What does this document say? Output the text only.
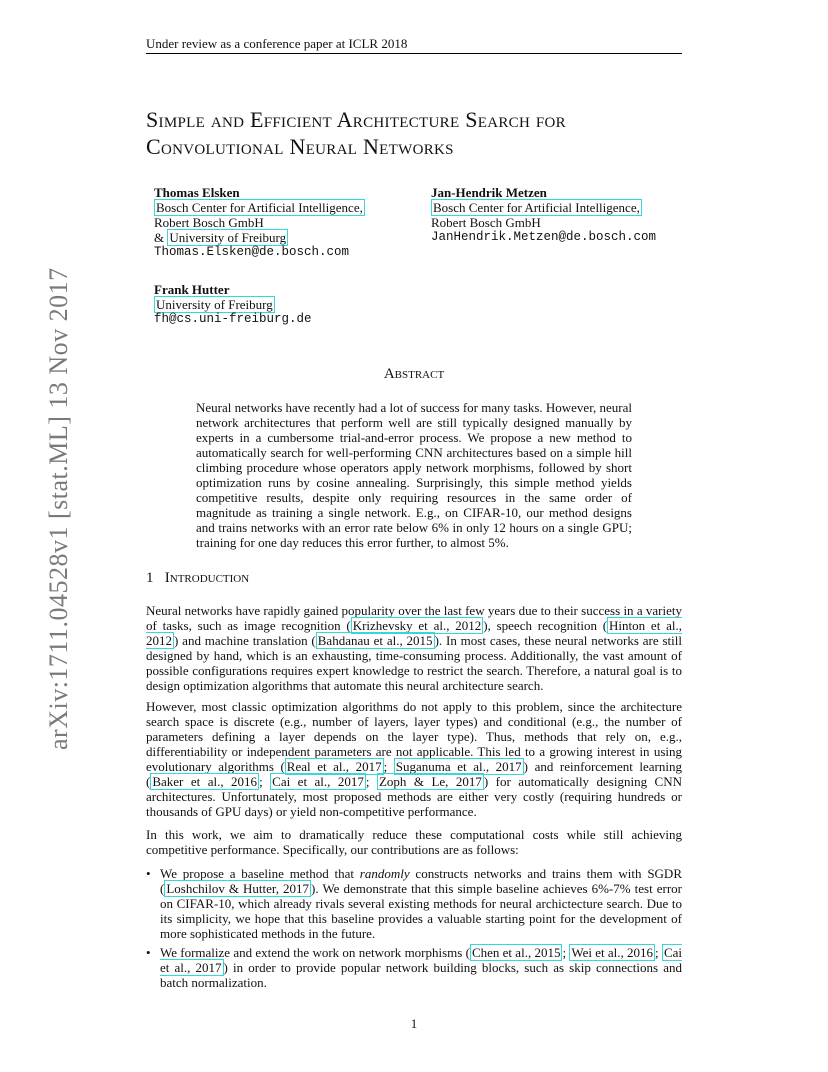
Under review as a conference paper at ICLR 2018
Simple and Efficient Architecture Search for
Convolutional Neural Networks
Thomas Elsken
Bosch Center for Artificial Intelligence,
Robert Bosch GmbH
& University of Freiburg
Thomas.Elsken@de.bosch.com
Jan-Hendrik Metzen
Bosch Center for Artificial Intelligence,
Robert Bosch GmbH
JanHendrik.Metzen@de.bosch.com
Frank Hutter
University of Freiburg
fh@cs.uni-freiburg.de
arXiv:1711.04528v1 [stat.ML] 13 Nov 2017	Abstract
Neural networks have recently had a lot of success for many tasks. However, neural network architectures that perform well are still typically designed manually by experts in a cumbersome trial-and-error process. We propose a new method to automatically search for well-performing CNN architectures based on a simple hill climbing procedure whose operators apply network morphisms, followed by short optimization runs by cosine annealing. Surprisingly, this simple method yields competitive results, despite only requiring resources in the same order of magnitude as training a single network. E.g., on CIFAR-10, our method designs and trains networks with an error rate below 6% in only 12 hours on a single GPU; training for one day reduces this error further, to almost 5%.
1 Introduction
Neural networks have rapidly gained popularity over the last few years due to their success in a variety of tasks, such as image recognition ( Krizhevsky et al., 2012 ), speech recognition ( Hinton et al., 2012 ) and machine translation ( Bahdanau et al., 2015 ). In most cases, these neural networks are still designed by hand, which is an exhausting, time-consuming process. Additionally, the vast amount of possible configurations requires expert knowledge to restrict the search. Therefore, a natural goal is to design optimization algorithms that automate this neural architecture search.
However, most classic optimization algorithms do not apply to this problem, since the architecture search space is discrete (e.g., number of layers, layer types) and conditional (e.g., the number of parameters defining a layer depends on the layer type). Thus, methods that rely on, e.g., differentiability or independent parameters are not applicable. This led to a growing interest in using evolutionary algorithms ( Real et al., 2017 ; Suganuma et al., 2017 ) and reinforcement learning ( Baker et al., 2016 ; Cai et al., 2017 ; Zoph & Le, 2017 ) for automatically designing CNN architectures. Unfortunately, most proposed methods are either very costly (requiring hundreds or thousands of GPU days) or yield non-competitive performance.
In this work, we aim to dramatically reduce these computational costs while still achieving competitive performance. Specifically, our contributions are as follows:
• We propose a baseline method that randomly constructs networks and trains them with SGDR ( Loshchilov & Hutter, 2017 ). We demonstrate that this simple baseline achieves 6%-7% test error on CIFAR-10, which already rivals several existing methods for neural archictecture search. Due to its simplicity, we hope that this baseline provides a valuable starting point for the development of more sophisticated methods in the future.
• We formalize and extend the work on network morphisms ( Chen et al., 2015 ; Wei et al., 2016 ; Cai et al., 2017 ) in order to provide popular network building blocks, such as skip connections and batch normalization.
1
